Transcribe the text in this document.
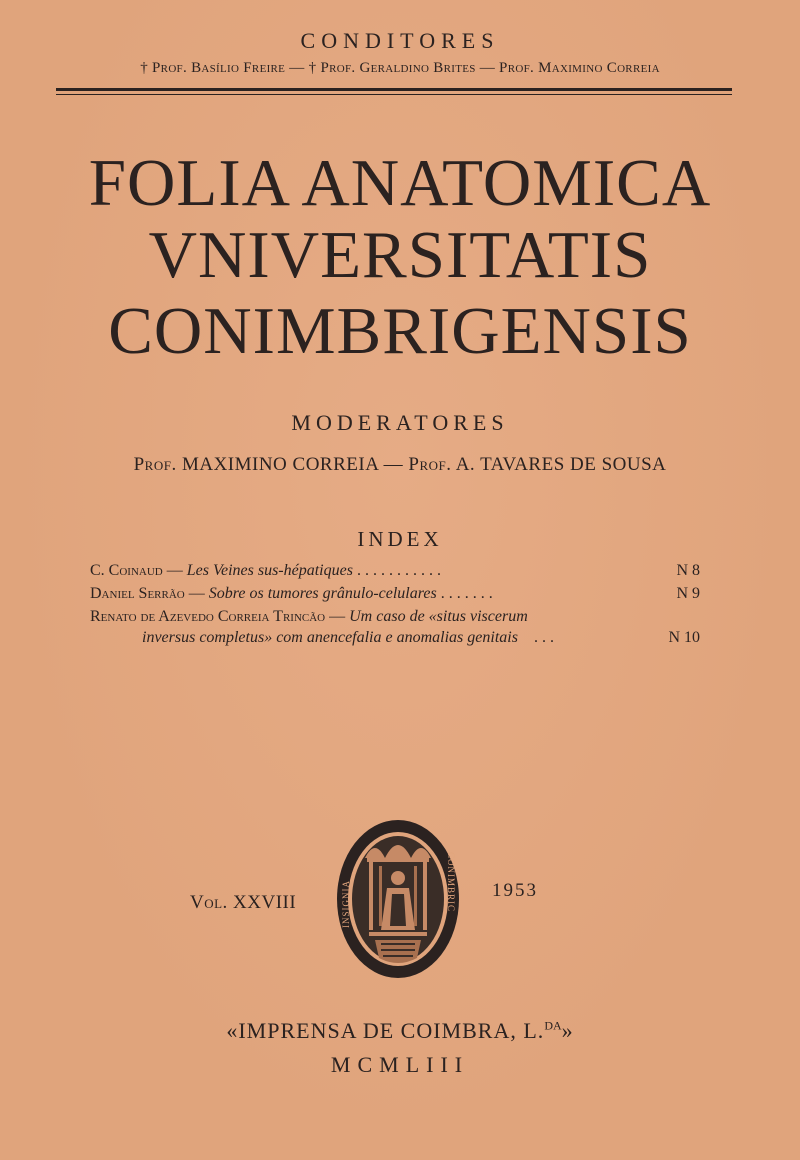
CONDITORES
† Prof. Basílio Freire — † Prof. Geraldino Brites — Prof. Maximino Correia
FOLIA ANATOMICA
VNIVERSITATIS
CONIMBRIGENSIS
MODERATORES
Prof. MAXIMINO CORREIA — Prof. A. TAVARES DE SOUSA
INDEX
C. Coinaud — Les Veines sus-hépatiques . . . . . . . . . . .	N 8
Daniel Serrão — Sobre os tumores grânulo-celulares . . . . . . .	N 9
Renato de Azevedo Correia Trincão — Um caso de «situs viscerum
inversus completus» com anencefalia e anomalias genitais . . .	N 10
Vol. XXVIII	INSIGNIA	CONIMBRIC 1953
«IMPRENSA DE COIMBRA, L.$^{DA}$»
MCMLIII
